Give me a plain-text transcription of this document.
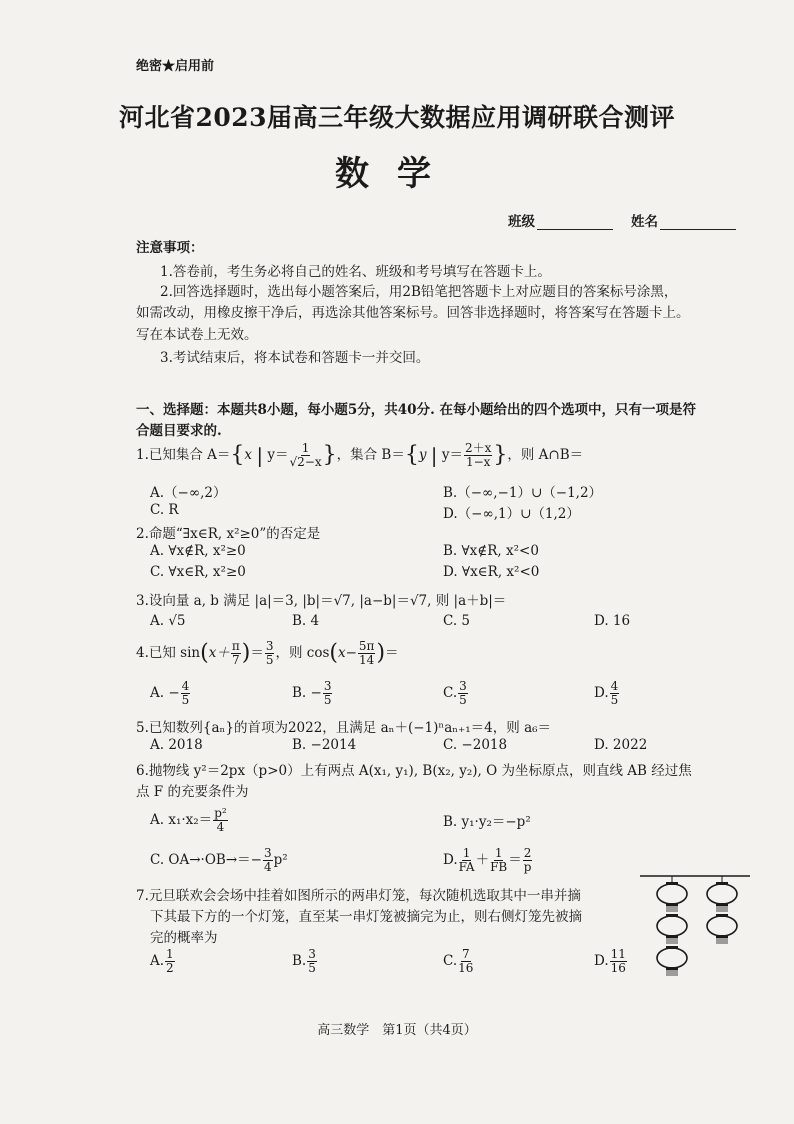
绝密★启用前
河北省2023届高三年级大数据应用调研联合测评
数学
班级	姓名
注意事项：
1.答卷前，考生务必将自己的姓名、班级和考号填写在答题卡上。
2.回答选择题时，选出每小题答案后，用2B铅笔把答题卡上对应题目的答案标号涂黑，
如需改动，用橡皮擦干净后，再选涂其他答案标号。回答非选择题时，将答案写在答题卡上。
写在本试卷上无效。
3.考试结束后，将本试卷和答题卡一并交回。
一、选择题：本题共8小题，每小题5分，共40分. 在每小题给出的四个选项中，只有一项是符
合题目要求的.
1.已知集合 A＝{x | $y= \frac{1}{√2-x}$ }，集合 B＝{y | $y= \frac{2+x}{1-x}$ }，则 A∩B＝
A.（−∞,2）	B.（−∞,−1）∪（−1,2）
C. R	D.（−∞,1）∪（1,2）
2.命题“∃x∈R, x²≥0”的否定是
A. ∀x∉R, x²≥0	B. ∀x∉R, x²<0
C. ∀x∈R, x²≥0	D. ∀x∈R, x²<0
3.设向量 a, b 满足 |a|＝3, |b|＝√7, |a−b|＝√7, 则 |a＋b|＝
A. √5	B. 4	C. 5	D. 16
4.已知 $\sin(x+ \frac{\pi}{7}$ )＝ $\frac{3}{5}$ ，则 $\cos(x- \frac{5\pi}{14}$ )＝
A. − $\frac{4}{5}$	B. − $\frac{3}{5}$	C. $\frac{3}{5}$	D. $\frac{4}{5}$
5.已知数列{aₙ}的首项为2022，且满足 aₙ＋(−1)ⁿaₙ₊₁＝4，则 a₆＝
A. 2018	B. −2014	C. −2018	D. 2022
6.抛物线 y²＝2px（p>0）上有两点 A(x₁, y₁), B(x₂, y₂), O 为坐标原点，则直线 AB 经过焦
点 F 的充要条件为
A. $x_1\cdot x_2= \frac{\text{p²}}{4}$	B. y₁·y₂＝−p²
C. $OA\to\cdot OB\to=- \frac{3}{4} p^2$	D. $\frac{1}{FA} + \frac{1}{FB} = \frac{2}{p}$
7.元旦联欢会会场中挂着如图所示的两串灯笼，每次随机选取其中一串并摘
下其最下方的一个灯笼，直至某一串灯笼被摘完为止，则右侧灯笼先被摘
完的概率为
A. $\frac{1}{2}$	B. $\frac{3}{5}$	C. $\frac{7}{16}$	D. $\frac{11}{16}$
高三数学　第1页（共4页）
